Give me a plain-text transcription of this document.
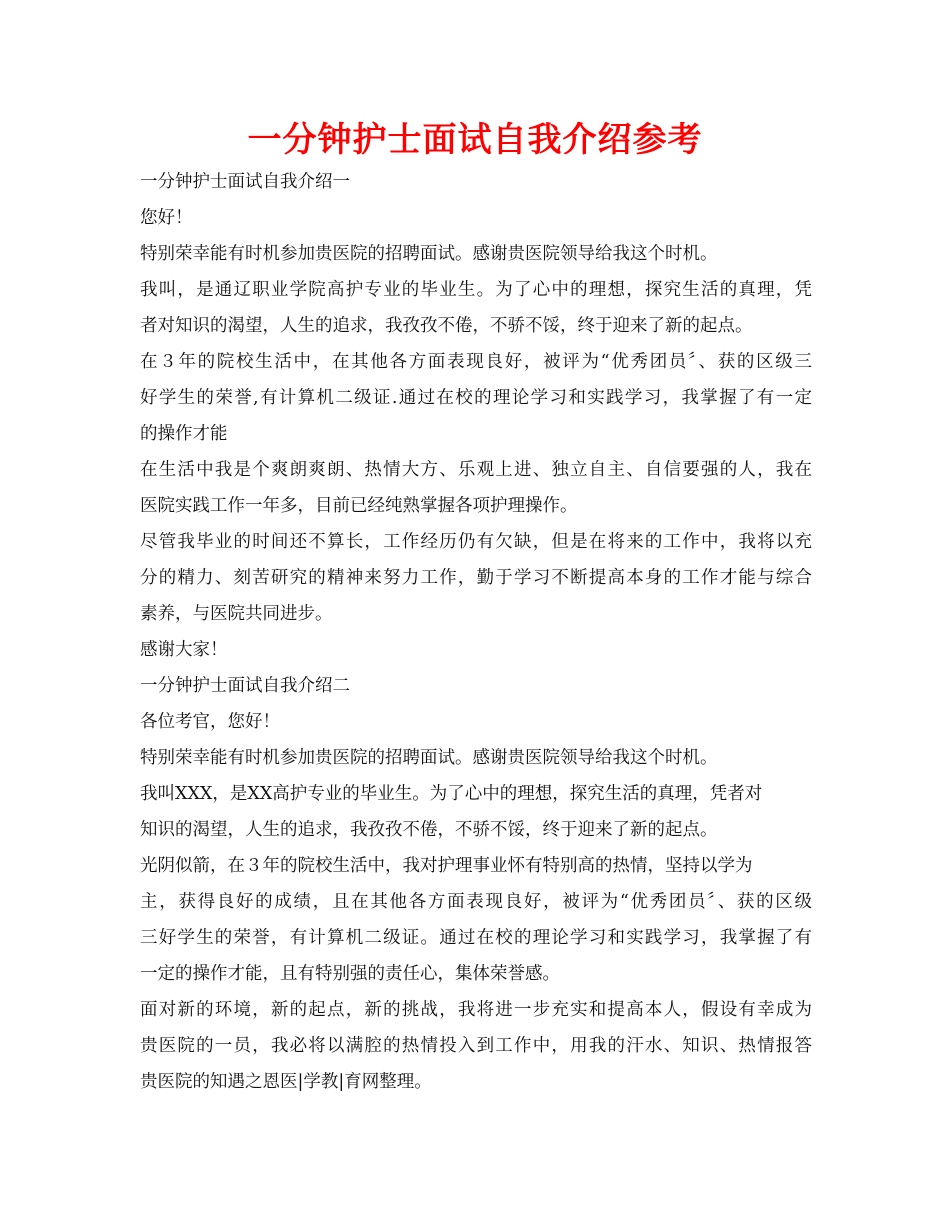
一分钟护士面试自我介绍参考
一分钟护士面试自我介绍一
您好！
特别荣幸能有时机参加贵医院的招聘面试。感谢贵医院领导给我这个时机。
我叫，是通辽职业学院高护专业的毕业生。为了心中的理想，探究生活的真理，凭
者对知识的渴望，人生的追求，我孜孜不倦，不骄不馁，终于迎来了新的起点。
在３年的院校生活中，在其他各方面表现良好，被评为“优秀团员〞、获的区级三
好学生的荣誉,有计算机二级证.通过在校的理论学习和实践学习，我掌握了有一定
的操作才能
在生活中我是个爽朗爽朗、热情大方、乐观上进、独立自主、自信要强的人，我在
医院实践工作一年多，目前已经纯熟掌握各项护理操作。
尽管我毕业的时间还不算长，工作经历仍有欠缺，但是在将来的工作中，我将以充
分的精力、刻苦研究的精神来努力工作，勤于学习不断提高本身的工作才能与综合
素养，与医院共同进步。
感谢大家！
一分钟护士面试自我介绍二
各位考官，您好！
特别荣幸能有时机参加贵医院的招聘面试。感谢贵医院领导给我这个时机。
我叫XXX，是XX高护专业的毕业生。为了心中的理想，探究生活的真理，凭者对
知识的渴望，人生的追求，我孜孜不倦，不骄不馁，终于迎来了新的起点。
光阴似箭，在３年的院校生活中，我对护理事业怀有特别高的热情，坚持以学为
主，获得良好的成绩，且在其他各方面表现良好，被评为“优秀团员〞、获的区级
三好学生的荣誉，有计算机二级证。通过在校的理论学习和实践学习，我掌握了有
一定的操作才能，且有特别强的责任心，集体荣誉感。
面对新的环境，新的起点，新的挑战，我将进一步充实和提高本人，假设有幸成为
贵医院的一员，我必将以满腔的热情投入到工作中，用我的汗水、知识、热情报答
贵医院的知遇之恩医|学教|育网整理。
